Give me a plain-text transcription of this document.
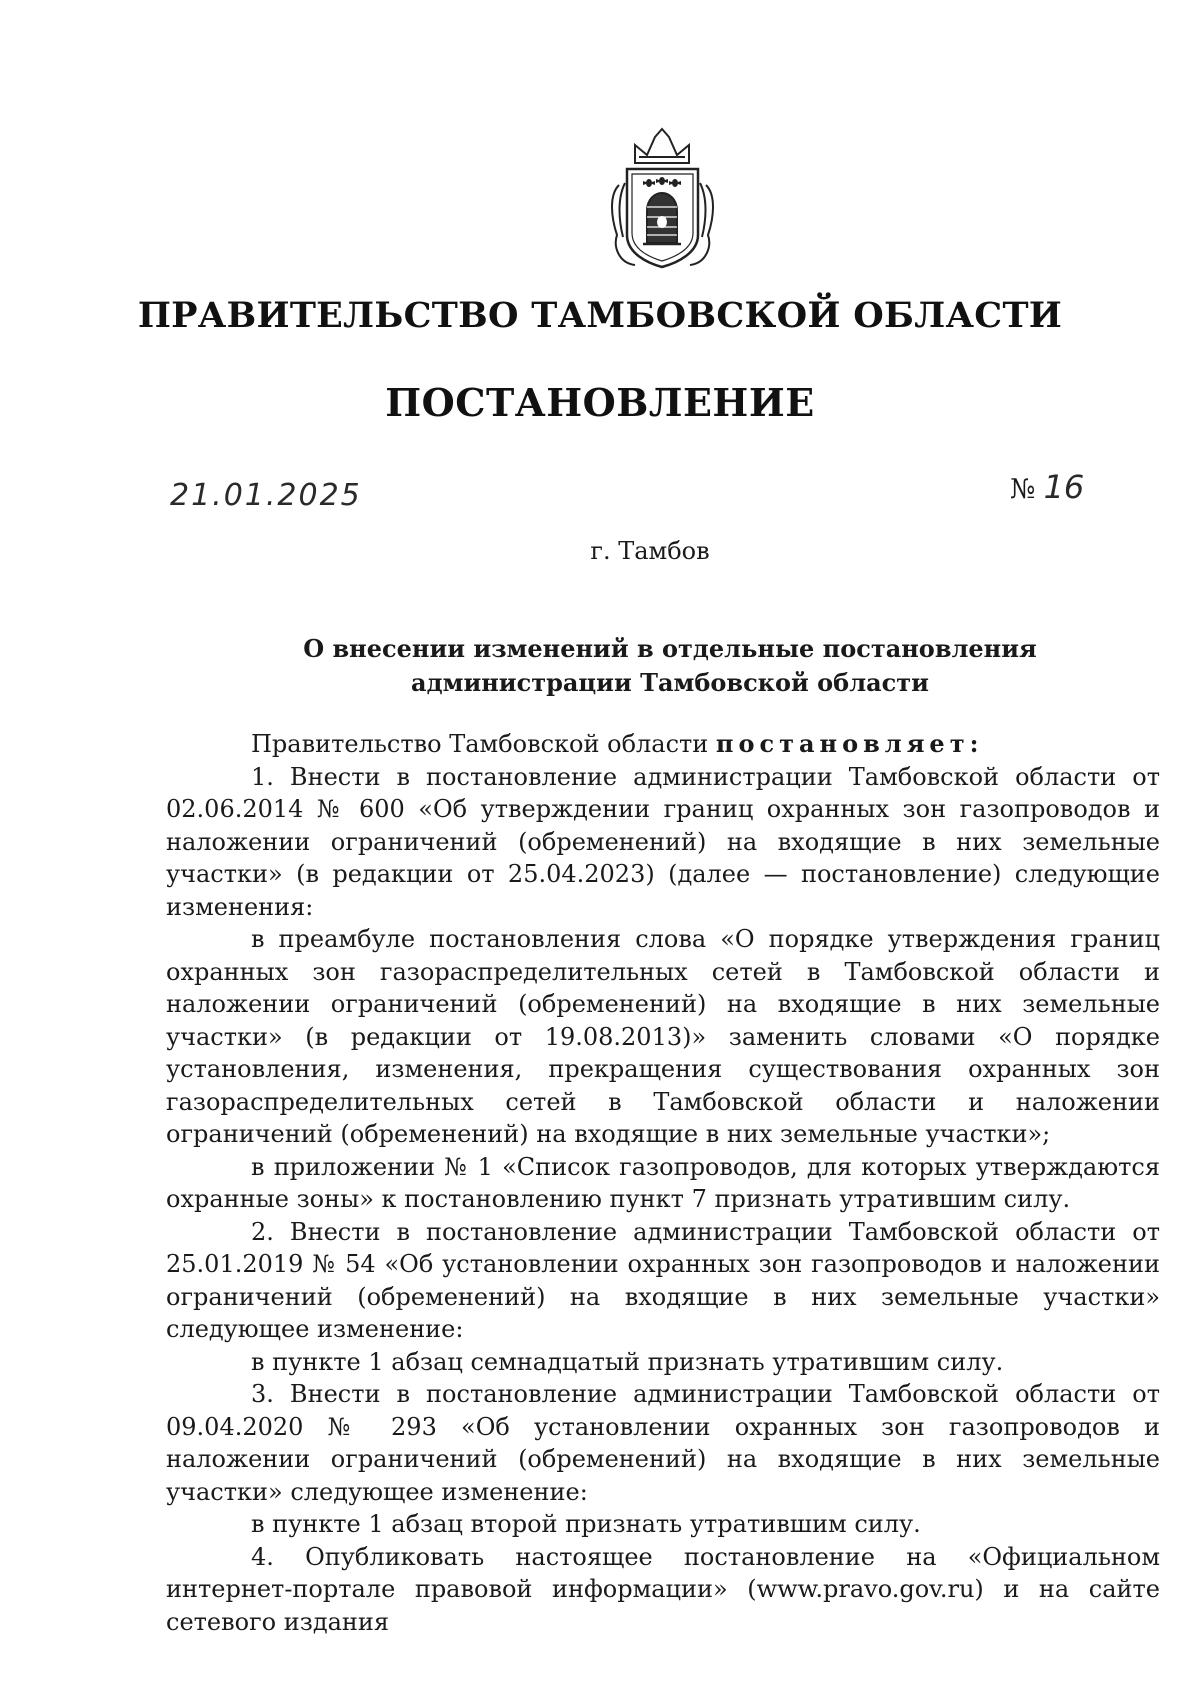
ПРАВИТЕЛЬСТВО ТАМБОВСКОЙ ОБЛАСТИ
ПОСТАНОВЛЕНИЕ
21.01.2025	№ 16

г. Тамбов

О внесении изменений в отдельные постановления
администрации Тамбовской области

Правительство Тамбовской области постановляет:

1. Внести в постановление администрации Тамбовской области от 02.06.2014 № 600 «Об утверждении границ охранных зон газопроводов и наложении ограничений (обременений) на входящие в них земельные участки» (в редакции от 25.04.2023) (далее — постановление) следующие изменения:

в преамбуле постановления слова «О порядке утверждения границ охранных зон газораспределительных сетей в Тамбовской области и наложении ограничений (обременений) на входящие в них земельные участки» (в редакции от 19.08.2013)» заменить словами «О порядке установления, изменения, прекращения существования охранных зон газораспределительных сетей в Тамбовской области и наложении ограничений (обременений) на входящие в них земельные участки»;

в приложении № 1 «Список газопроводов, для которых утверждаются охранные зоны» к постановлению пункт 7 признать утратившим силу.

2. Внести в постановление администрации Тамбовской области от 25.01.2019 № 54 «Об установлении охранных зон газопроводов и наложении ограничений (обременений) на входящие в них земельные участки» следующее изменение:

в пункте 1 абзац семнадцатый признать утратившим силу.

3. Внести в постановление администрации Тамбовской области от 09.04.2020 № 293 «Об установлении охранных зон газопроводов и наложении ограничений (обременений) на входящие в них земельные участки» следующее изменение:

в пункте 1 абзац второй признать утратившим силу.

4. Опубликовать настоящее постановление на «Официальном интернет-портале правовой информации» (www.pravo.gov.ru) и на сайте сетевого издания
